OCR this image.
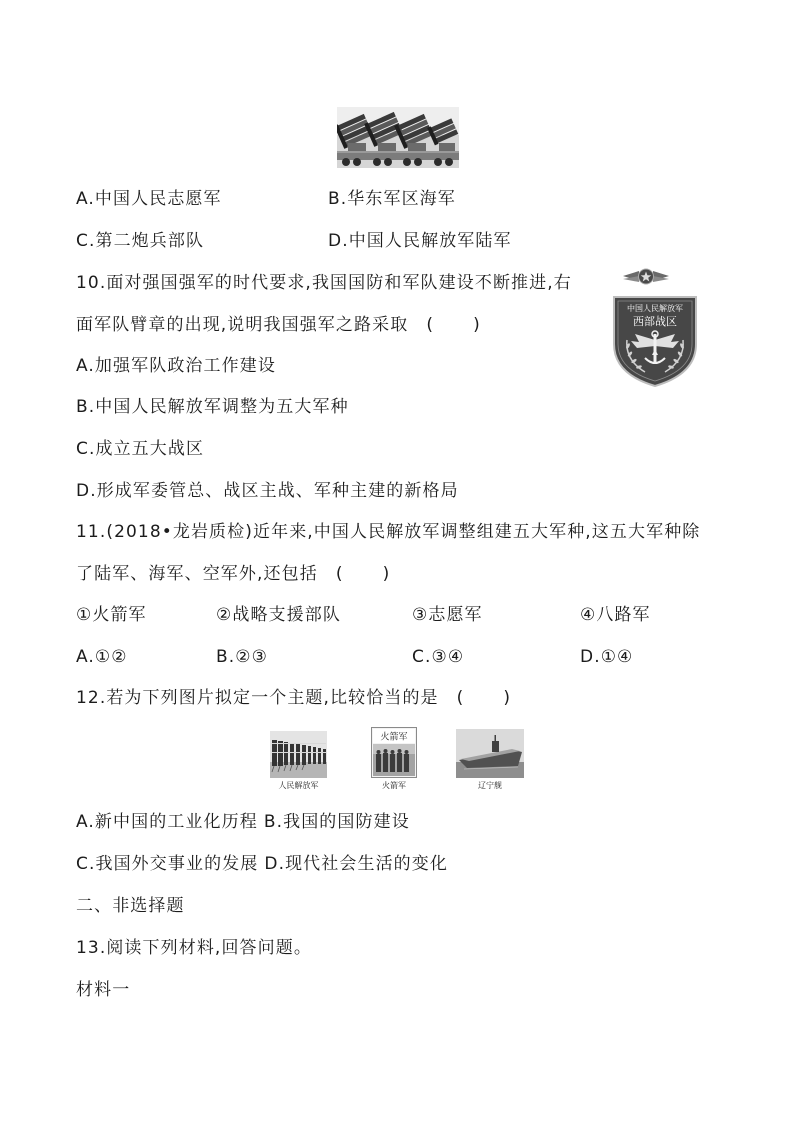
A.中国人民志愿军	B.华东军区海军
C.第二炮兵部队	D.中国人民解放军陆军
10.面对强国强军的时代要求,我国国防和军队建设不断推进,右
面军队臂章的出现,说明我国强军之路采取 (      )
中国人民解放军
西部战区
A.加强军队政治工作建设
B.中国人民解放军调整为五大军种
C.成立五大战区
D.形成军委管总、战区主战、军种主建的新格局
11.(2018•龙岩质检)近年来,中国人民解放军调整组建五大军种,这五大军种除
了陆军、海军、空军外,还包括 (      )
①火箭军	②战略支援部队	③志愿军	④八路军
A.①②	B.②③	C.③④	D.①④
12.若为下列图片拟定一个主题,比较恰当的是 (      )
人民解放军
火箭军
火箭军	辽宁舰
A.新中国的工业化历程 B.我国的国防建设
C.我国外交事业的发展 D.现代社会生活的变化
二、非选择题
13.阅读下列材料,回答问题。
材料一
